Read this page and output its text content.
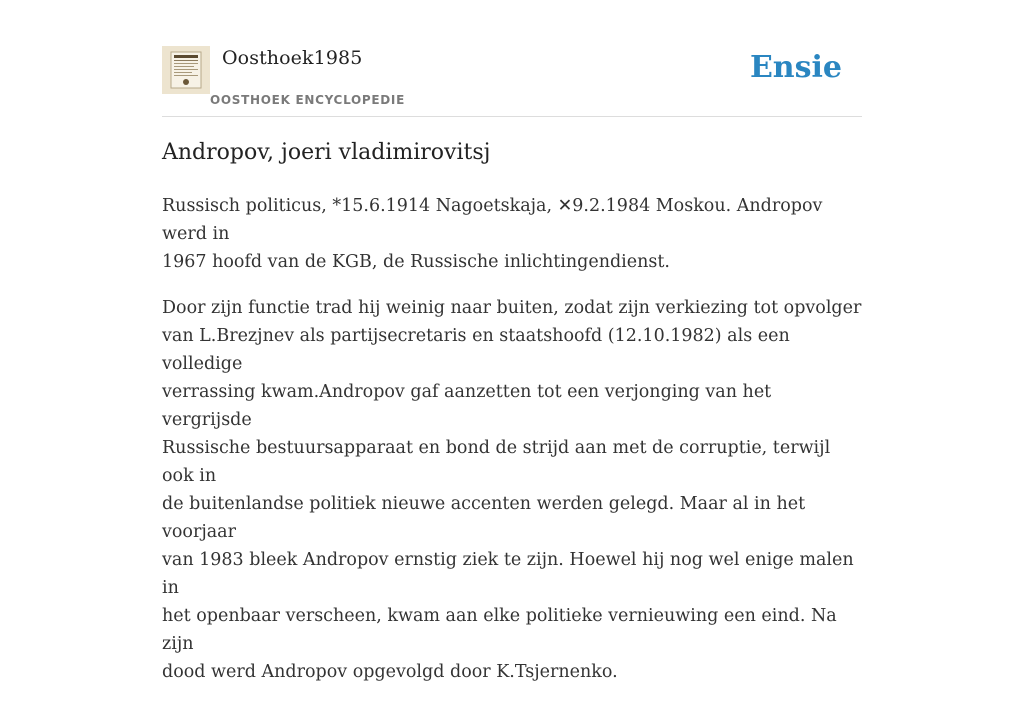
Oosthoek1985
OOSTHOEK ENCYCLOPEDIE
Ensie
Andropov, joeri vladimirovitsj

Russisch politicus, *15.6.1914 Nagoetskaja, ✕9.2.1984 Moskou. Andropov werd in
1967 hoofd van de KGB, de Russische inlichtingendienst.

Door zijn functie trad hij weinig naar buiten, zodat zijn verkiezing tot opvolger
van L.Brezjnev als partijsecretaris en staatshoofd (12.10.1982) als een volledige
verrassing kwam.Andropov gaf aanzetten tot een verjonging van het vergrijsde
Russische bestuursapparaat en bond de strijd aan met de corruptie, terwijl ook in
de buitenlandse politiek nieuwe accenten werden gelegd. Maar al in het voorjaar
van 1983 bleek Andropov ernstig ziek te zijn. Hoewel hij nog wel enige malen in
het openbaar verscheen, kwam aan elke politieke vernieuwing een eind. Na zijn
dood werd Andropov opgevolgd door K.Tsjernenko.
